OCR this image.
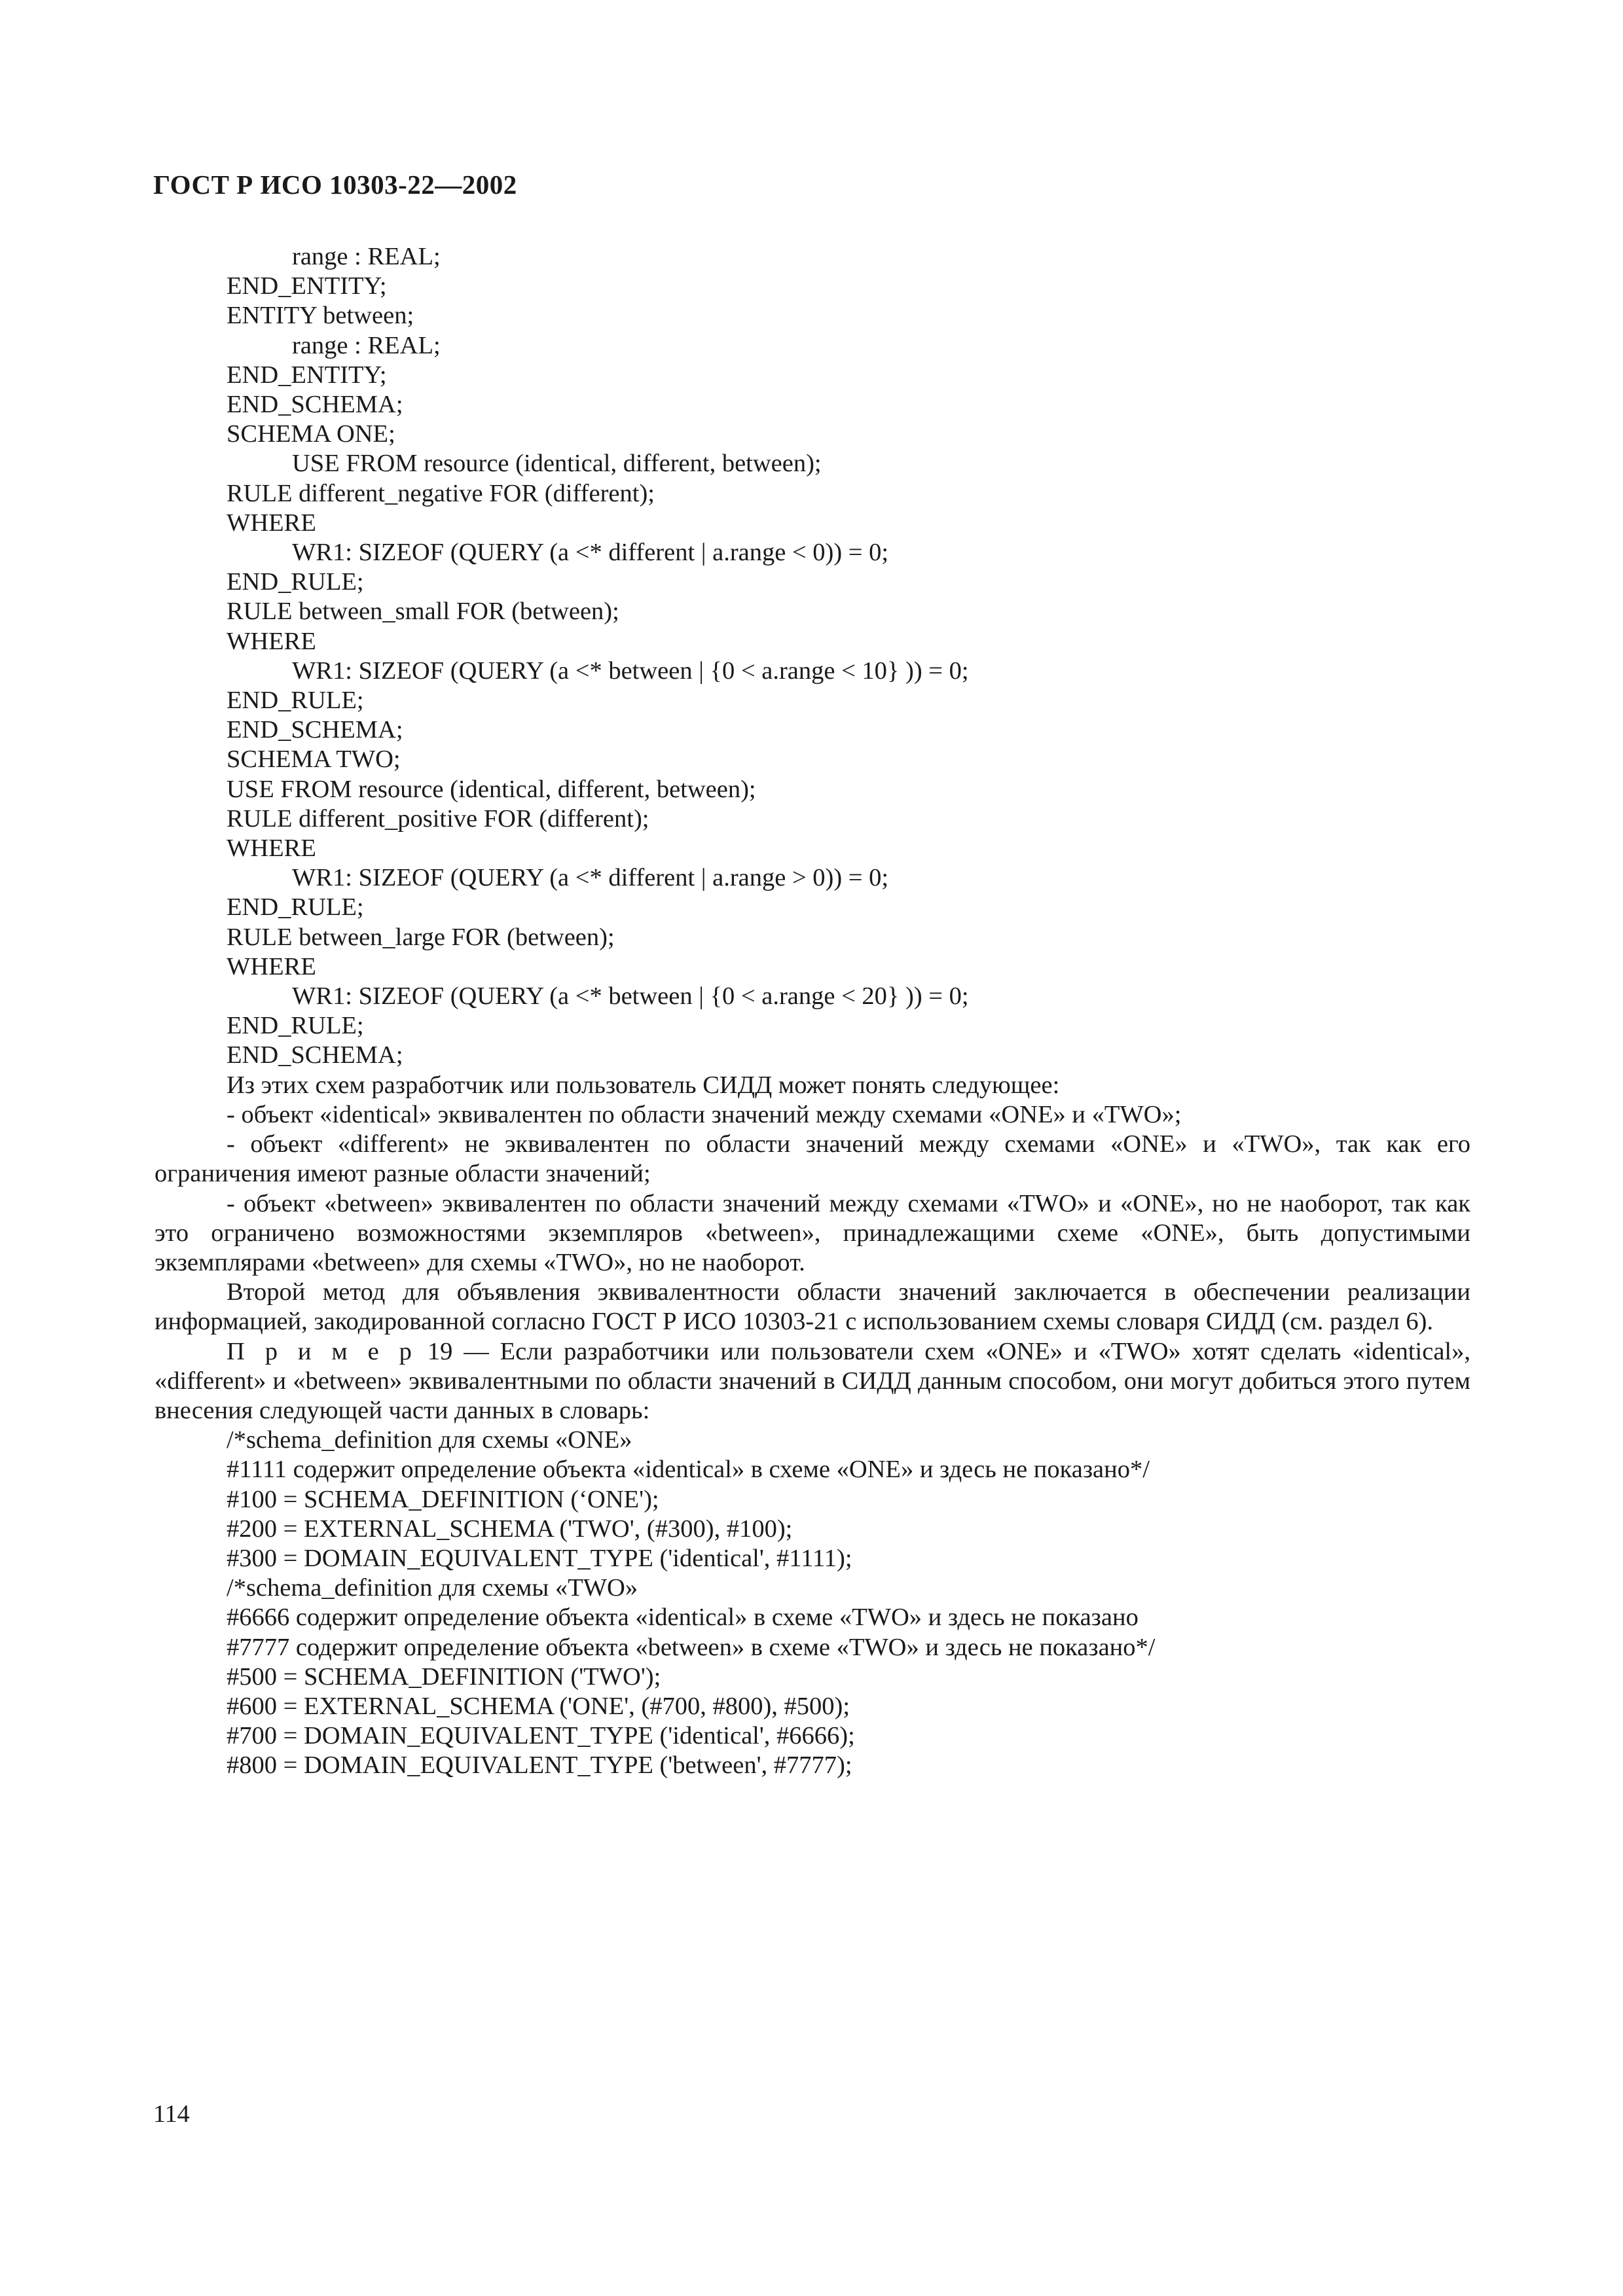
ГОСТ Р ИСО 10303-22—2002
range : REAL;
END_ENTITY;
ENTITY between;
range : REAL;
END_ENTITY;
END_SCHEMA;
SCHEMA ONE;
USE FROM resource (identical, different, between);
RULE different_negative FOR (different);
WHERE
WR1: SIZEOF (QUERY (a <* different | a.range < 0)) = 0;
END_RULE;
RULE between_small FOR (between);
WHERE
WR1: SIZEOF (QUERY (a <* between | {0 < a.range < 10} )) = 0;
END_RULE;
END_SCHEMA;
SCHEMA TWO;
USE FROM resource (identical, different, between);
RULE different_positive FOR (different);
WHERE
WR1: SIZEOF (QUERY (a <* different | a.range > 0)) = 0;
END_RULE;
RULE between_large FOR (between);
WHERE
WR1: SIZEOF (QUERY (a <* between | {0 < a.range < 20} )) = 0;
END_RULE;
END_SCHEMA;
Из этих схем разработчик или пользователь СИДД может понять следующее:
- объект «identical» эквивалентен по области значений между схемами «ONE» и «TWO»;
- объект «different» не эквивалентен по области значений между схемами «ONE» и «TWO», так как его ограничения имеют разные области значений;
- объект «between» эквивалентен по области значений между схемами «TWO» и «ONE», но не наоборот, так как это ограничено возможностями экземпляров «between», принадлежащими схеме «ONE», быть допустимыми экземплярами «between» для схемы «TWO», но не наоборот.
Второй метод для объявления эквивалентности области значений заключается в обеспечении реализации информацией, закодированной согласно ГОСТ Р ИСО 10303-21 с использованием схемы словаря СИДД (см. раздел 6).
П р и м е р 19 — Если разработчики или пользователи схем «ONE» и «TWO» хотят сделать «identical», «different» и «between» эквивалентными по области значений в СИДД данным способом, они могут добиться этого путем внесения следующей части данных в словарь:
/*schema_definition для схемы «ONE»
#1111 содержит определение объекта «identical» в схеме «ONE» и здесь не показано*/
#100 = SCHEMA_DEFINITION (‘ONE');
#200 = EXTERNAL_SCHEMA ('TWO', (#300), #100);
#300 = DOMAIN_EQUIVALENT_TYPE ('identical', #1111);
/*schema_definition для схемы «TWO»
#6666 содержит определение объекта «identical» в схеме «TWO» и здесь не показано
#7777 содержит определение объекта «between» в схеме «TWO» и здесь не показано*/
#500 = SCHEMA_DEFINITION ('TWO');
#600 = EXTERNAL_SCHEMA ('ONE', (#700, #800), #500);
#700 = DOMAIN_EQUIVALENT_TYPE ('identical', #6666);
#800 = DOMAIN_EQUIVALENT_TYPE ('between', #7777);
114
